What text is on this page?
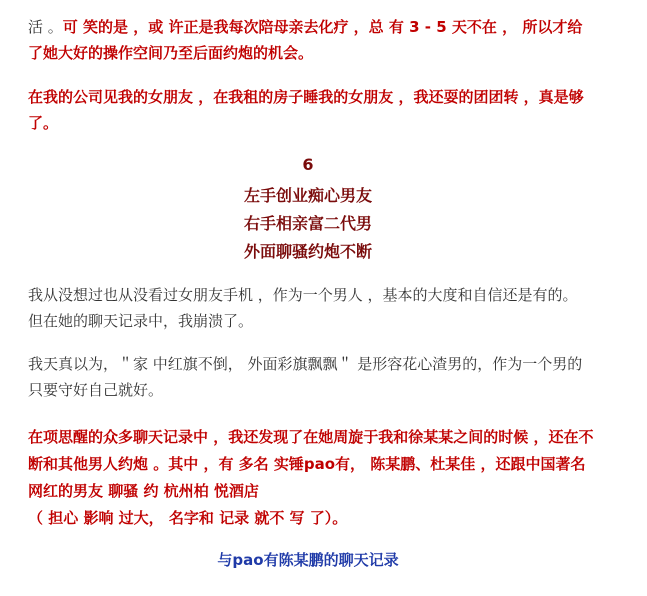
活 。可 笑的是 ，或 许正是我每次陪母亲去化疗 ，总 有 3 - 5 天不在 ， 所以才给了她大好的操作空间乃至后面约炮的机会。

在我的公司见我的女朋友 ，在我租的房子睡我的女朋友 ，我还耍的团团转 ，真是够了。

6
左手创业痴心男友
右手相亲富二代男
外面聊骚约炮不断

我从没想过也从没看过女朋友手机 ，作为一个男人 ，基本的大度和自信还是有的。但在她的聊天记录中，我崩溃了。

我天真以为，＂家 中红旗不倒， 外面彩旗飘飘＂ 是形容花心渣男的，作为一个男的只要守好自己就好。

在项思醒的众多聊天记录中 ，我还发现了在她周旋于我和徐某某之间的时候 ，还在不断和其他男人约炮 。其中 ，有 多名 实锤pao有， 陈某鹏、杜某佳 ，还跟中国著名网红的男友 聊骚 约 杭州柏 悦酒店

（ 担心 影响 过大， 名字和 记录 就不 写 了）。

与pao有陈某鹏的聊天记录
